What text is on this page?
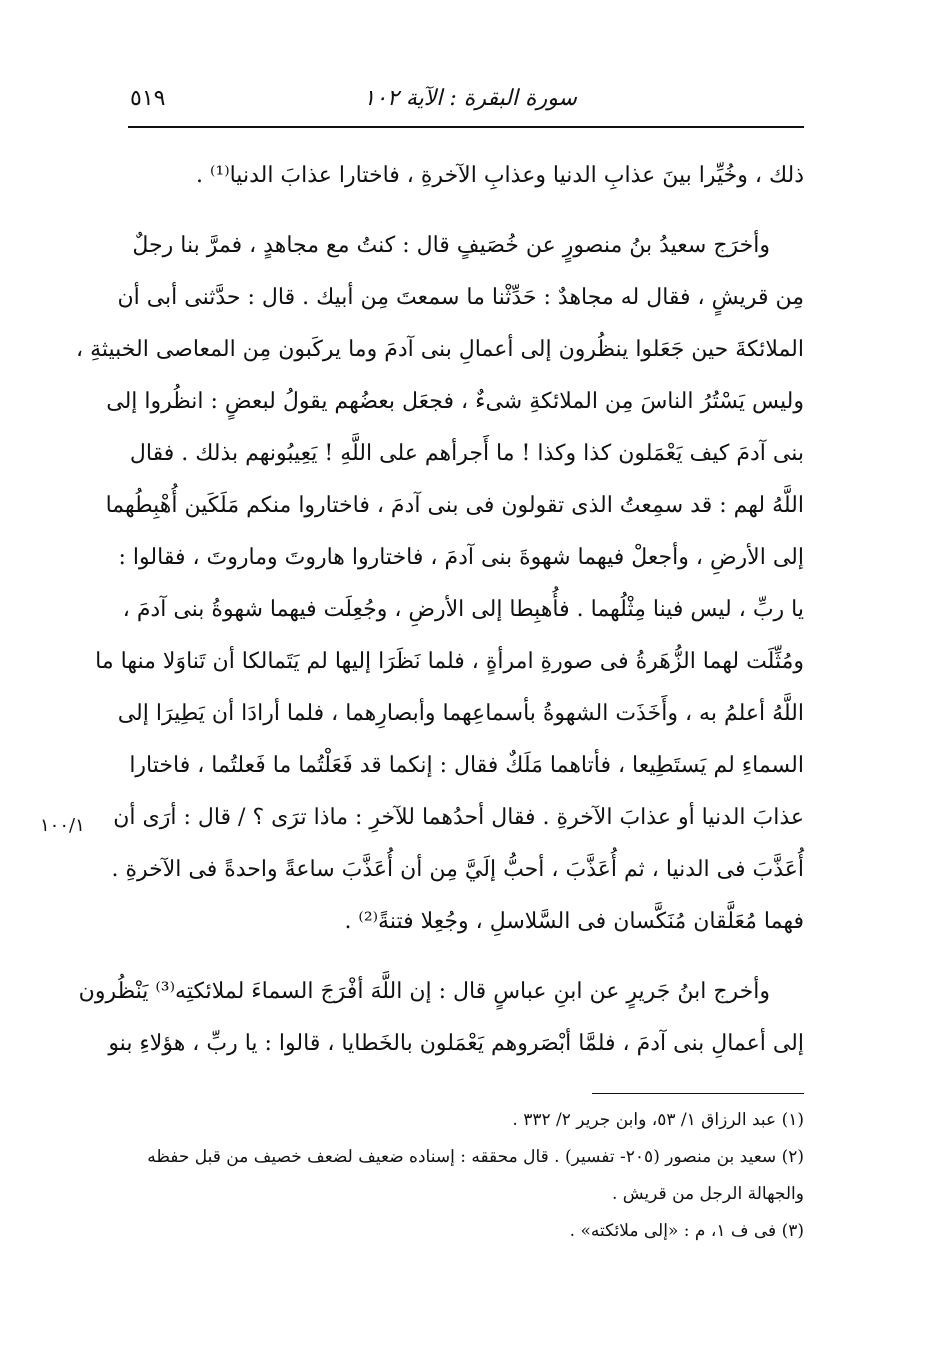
سورة البقرة : الآية ١٠٢
٥١٩
ذلك ، وخُيِّرا بينَ عذابِ الدنيا وعذابِ الآخرةِ ، فاختارا عذابَ الدنيا⁽¹⁾ .
وأخرَج سعيدُ بنُ منصورٍ عن خُصَيفٍ قال : كنتُ مع مجاهدٍ ، فمرَّ بنا رجلٌ
مِن قريشٍ ، فقال له مجاهدٌ : حَدِّثْنا ما سمعتَ مِن أبيك . قال : حدَّثنى أبى أن
الملائكةَ حين جَعَلوا ينظُرون إلى أعمالِ بنى آدمَ وما يركَبون مِن المعاصى الخبيثةِ ،
وليس يَسْتُرُ الناسَ مِن الملائكةِ شىءٌ ، فجعَل بعضُهم يقولُ لبعضٍ : انظُروا إلى
بنى آدمَ كيف يَعْمَلون كذا وكذا ! ما أَجرأهم على اللَّهِ ! يَعِيبُونهم بذلك . فقال
اللَّهُ لهم : قد سمِعتُ الذى تقولون فى بنى آدمَ ، فاختاروا منكم مَلَكَين أُهْبِطُهما
إلى الأرضِ ، وأجعلْ فيهما شهوةَ بنى آدمَ ، فاختاروا هاروتَ وماروتَ ، فقالوا :
يا ربِّ ، ليس فينا مِثْلُهما . فأُهبِطا إلى الأرضِ ، وجُعِلَت فيهما شهوةُ بنى آدمَ ،
ومُثِّلَت لهما الزُّهَرةُ فى صورةِ امرأةٍ ، فلما نَظَرَا إليها لم يَتَمالكا أن تَناوَلا منها ما
اللَّهُ أعلمُ به ، وأَخَذَت الشهوةُ بأسماعِهما وأبصارِهما ، فلما أرادَا أن يَطِيرَا إلى
السماءِ لم يَستَطِيعا ، فأتاهما مَلَكٌ فقال : إنكما قد فَعَلْتُما ما فَعلتُما ، فاختارا
عذابَ الدنيا أو عذابَ الآخرةِ . فقال أحدُهما للآخرِ : ماذا ترَى ؟ / قال : أرَى أن
أُعَذَّبَ فى الدنيا ، ثم أُعَذَّبَ ، أحبُّ إلَيَّ مِن أن أُعَذَّبَ ساعةً واحدةً فى الآخرةِ .
فهما مُعَلَّقان مُنَكَّسان فى السَّلاسلِ ، وجُعِلا فتنةً⁽²⁾ .
وأخرج ابنُ جَريرٍ عن ابنِ عباسٍ قال : إن اللَّهَ أفْرَجَ السماءَ لملائكتِه⁽³⁾ يَنْظُرون
إلى أعمالِ بنى آدمَ ، فلمَّا أبْصَروهم يَعْمَلون بالخَطايا ، قالوا : يا ربِّ ، هؤلاءِ بنو
١٠٠/١
(١) عبد الرزاق ١/ ٥٣، وابن جرير ٢/ ٣٣٢ .
(٢) سعيد بن منصور (٢٠٥- تفسير) . قال محققه : إسناده ضعيف لضعف خصيف من قبل حفظه
والجهالة الرجل من قريش .
(٣) فى ف ١، م : «إلى ملائكته» .
